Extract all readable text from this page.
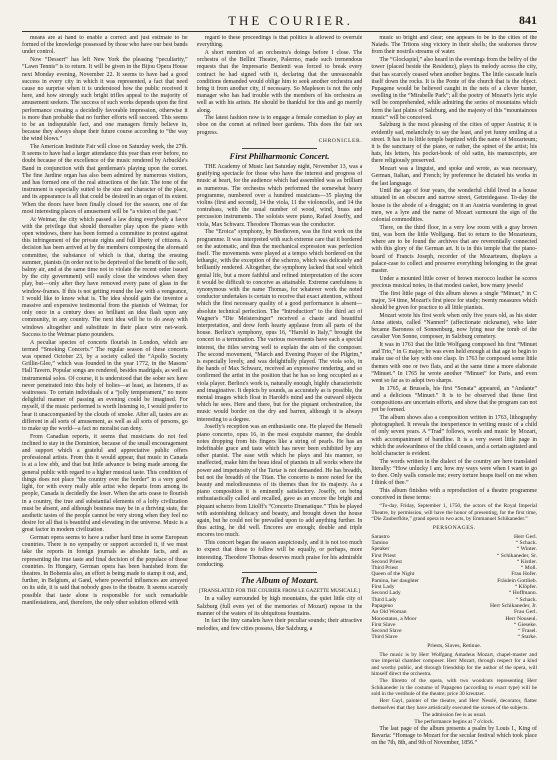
THE COURIER.	841

means are at hand to enable a correct and just estimate to be formed of the knowledge possessed by those who have our best bands under control.

Now “Dessert” has left New York the pleasing “peculiarity,” “Lawn Tennis” is to return. It will be given in the Bijou Opera House next Monday evening, November 22. It seems to have had a good success in every city in which it was represented, a fact that need cause no surprise when it is understood how the public received it here, and how strongly such bright trifles appeal to the majority of amusement seekers. The success of such works depends upon the first performance creating a decidedly favorable impression, otherwise it is more than probable that no further efforts will succeed. This seems to be an indisputable fact, and one managers firmly believe in, because they always shape their future course according to “the way the wind blows.”

The American Institute Fair will close on Saturday week, the 27th. It seems to have had a larger attendance this year than ever before, no doubt because of the excellence of the music rendered by Arbuckle's Band in conjunction with that gentleman's playing upon the cornet. The fine Jardine organ has also been admired by numerous visitors, and has formed one of the real attractions of the fair. The tone of the instrument is especially suited to the size and character of the place, and its appearance is all that could be desired in an organ of its extent. When the doors have been finally closed for the season, one of the most interesting places of amusement will be “a vision of the past.”

At Weimar, the city which passed a law doing everybody a favor with the privilege that should thereafter play upon the piano with open windows, there has been formed a committee to protest against this infringement of the private rights and full liberty of citizens. A decision has been arrived at by the members composing the aforesaid committee, the substance of which is that, during the ensuing summer, pianists (in order not to be deprived of the benefit of the soft, balmy air, and at the same time not to violate the recent order issued by the city government) will easily close the windows when they play, but—only after they have removed every pane of glass in the window-frames. If this is not getting round the law with a vengeance, I would like to know what is. The idea should gain the inventor a massive and expensive testimonial from the pianists of Weimar, for only once in a century does so brilliant an idea flash upon any community, in any country. The next idea will be to do away with windows altogether and substitute in their place wire net-work. Success to the Weimar piano pounders.

A peculiar species of concerts flourish in London, which are termed “Smoking Concerts.” The regular season of these concerts was opened October 23, by a society called the “Apollo Society Grillin-Glee,” which was founded in the year 1772, in the Masons' Hall Tavern. Popular songs are rendered, besides madrigals, as well as instrumental solos. Of course, it is understood that the sober sex have never penetrated into this holy of holies—at least, as listeners, if as waitresses. To certain individuals of a “jolly temperament,” no more delightful manner of passing an evening could be imagined. For myself, if the music performed is worth listening to, I would prefer to hear it unaccompanied by the clouds of smoke. After all, tastes are as different in all sorts of amusement, as well as all sorts of persons, go to make up the world—a fact no moralist can deny.

From Canadian reports, it seems that musicians do not feel inclined to stay in the Dominion, because of the small encouragement and support which a grateful and appreciative public offers professional artists. From this it would appear, that music in Canada is at a low ebb, and that but little advance is being made among the general public with regard to a higher musical taste. This condition of things does not place “the country over the border” in a very good light, for with every really able artist who departs from among its people, Canada is decidedly the loser. When the arts cease to flourish in a country, the true and substantial elements of a lofty civilization must be absent, and although business may be in a thriving state, the aesthetic tastes of the people cannot be very strong when they feel no desire for all that is beautiful and elevating in the universe. Music is a great factor in modern civilization.

German opera seems to have a rather hard time in some European countries. There is no sympathy or support accorded it, if we must take the reports in foreign journals as absolute facts, and as representing the true taste and final decision of the populace of those countries. In Hungary, German opera has been banished from the theatres. In Bohemia also, an effort is being made to stamp it out, and, further, in Belgium, at Gand, where powerful influences are arrayed on its side, it is said that nobody goes to the theatre. It seems scarcely possible that taste alone is responsible for such remarkable manifestations, and, therefore, the only other solution offered with

regard to these proceedings is that politics is allowed to overrule everything.

A short mention of an orchestra's doings before I close. The orchestra of the Bellini Theatre, Palermo, made such tremendous requests that the Impresario Benienti was forced to break every contract he had signed with it, declaring that the unreasonable conditions demanded would oblige him to seek another orchestra and bring it from another city, if necessary. So Mapleson is not the only manager who has had trouble with the members of his orchestra as well as with his artists. He should be thankful for this and go merrily along.

The latest fashion now is to engage a female comedian to play an oboe on the cornet at refined beer gardens. This does the fair sex progress.

CHRONICLER.
First Philharmonic Concert.

THE Academy of Music last Saturday night, November 13, was a gratifying spectacle for those who have the interest and progress of music at heart, for the audience which had assembled was as brilliant as numerous. The orchestra which performed the somewhat heavy programme, numbered over a hundred musicians—35 playing the violins (first and second), 14 the viola, 11 the violoncello, and 14 the contrabass, with the usual number of wood, wind, brass and percussion instruments. The soloists were piano, Rafael Joseffy, and viola, Max Schwarz. Theodore Thomas was the conductor.

The “Eroica” symphony, by Beethoven, was the first work on the programme. It was interpreted with such extreme care that it bordered on the automatic, and thus the mechanical expression was perfection itself. The movements were played at a tempo which bordered on the lethargic, with the exception of the scherzo, which was delicately and brilliantly rendered. Altogether, the symphony lacked that soul which genial life, but a more faithful and refined interpretation of the score it would be difficult to conceive as attainable. Extreme carefulness is synonymous with the name Thomas, for whatever work the noted conductor undertakes is certain to receive that exact attention, without which the first necessary quality of a good performance is absent—absolute technical perfection. The “Introduction” to the third act of Wagner's “Die Meistersinger” received a chaste and beautiful interpretation, and drew forth hearty applause from all parts of the house. Berlioz's symphony, opus 16, “Harold in Italy,” brought the concert to a termination. The various movements have each a special interest, the titles serving well to explain the aim of the composer. The second movement, “March and Evening Prayer of the Pilgrim,” is especially lovely, and was delightfully played. The viola solo, in the hands of Max Schwarz, received an expressive rendering, and so confirmed the artist in the position that he has so long occupied as a viola player. Berlioz's work is, naturally enough, highly characteristic and imaginative. It depicts by sounds, as accurately as is possible, the mental images which float in Harold's mind and the outward objects which he sees. Here and there, but for the piquant orchestration, the music would border on the dry and barren, although it is always interesting to a degree.

Joseffy's reception was an enthusiastic one. He played the Henselt piano concerto, opus 16, in the most exquisite manner, the double notes dropping from his fingers like a string of pearls. He has an indefinable grace and taste which has never been exhibited by any other pianist. The ease with which he plays and his manner, so unaffected, make him the beau ideal of pianists in all works where the power and impetuosity of the Tartar is not demanded. He has breadth, but not the breadth of the Titan. The concerto is more noted for the beauty and melodiousness of its themes than for its majesty. As a piano composition it is eminently satisfactory. Joseffy, on being enthusiastically called and recalled, gave as an encore the bright and piquant scherzo from Litolff's “Concerto Dramatique.” This he played with astonishing delicacy and beauty, and brought down the house again, but he could not be prevailed upon to add anything further. In thus acting, he did well. Encores are enough; double and triple encores too much.

This concert began the season auspiciously, and it is not too much to expect that those to follow will be equally, or perhaps, more interesting. Theodore Thomas deserves much praise for his admirable conducting.

The Album of Mozart.
[TRANSLATED FOR THE COURIER FROM LE GAZETTE MUSICALE.]

In a valley surrounded by high mountains, the quiet little city of Salzburg (full even yet of the memories of Mozart) repose in the manner of the waters of its ubiquitous fountains.

In fact the tiny canalets have their peculiar sounds; their attractive melodies, and few cities possess, like Salzburg, a

music so bright and clear; one appears to be in the cities of the Naiads. The Tritons sing victory in their shells; the seahorses throw from their nostrils streams of water.

The “Glockspiel,” also heard in the evenings from the belfry of the tower (placed beside the Residenz), plays its melody across the city, that has scarcely ceased when another begins. The little cascade hurls itself down the rocks. It is the Ponte of the church that is the object. Pupagene would be believed caught in the nets of a clever hunter, swelling in the “Mirabelle Park”; all the poetry of Mozart's lyric style will be comprehended, while admiring the series of mountains which form the last plains of Salzburg, and the majesty of this “mountainous music” will be conceived.

Salzburg is the most pleasing of the cities of upper Austria; it is evidently sad, melancholy to say the least, and yet funny smiling at a street. It has in its little temple baptized with the name of Mozarteum; it is the sanctuary of the piano, or rather, the spinet of the artist; his hats, his letters, his pocket-book of old satin, his manuscripts, are there religiously preserved.

Mozart was a linguist, and spoke and wrote, as was necessary, German, Italian, and French; by preference he dictated his works in the last language.

Until the age of four years, the wonderful child lived in a house situated in an obscure and narrow street, Getreidegasse. To-day the house is the abode of a druggist; on it an Austria wandering in great men, we a lyre and the name of Mozart surmount the sign of the colonial commodities.

There, on the third floor, in a very low room with a gray brown tint, was born the little Wolfgang. But to return to the Mozarteum, where are to be found the archives that are reverentially connected with this glory of the German art. It is in this temple that the piano-board of Francis Joseph, recorder of the Mozarteum, displays a palace-case to collect and preserve everything belonging to the great master.

Under a mounted little cover of brown morocco leather he scores precious musical notes, in that modest casket, how many jewels!

The first little page of this album shows a single “Minuet,” in C major, 3/4 time, Mozart's first piece for study; twenty measures which should be given for practice to all little pianists.

Mozart wrote his first work when only five years old, as his sister Anna attests, called “Nannerl” (affectionate nickname), who later became Baroness of Sonnenburg, now lying near the tomb of the cavalier Von Sonne, composer, in Salzburg cemetery.

It was in 1761 that the little Wolfgang composed his first “Minuet and Trio,” in G major; he was even held enough at that age to begin to make use of the key with one clasp. In 1763 he composed some little themes with one or two flats, and at the same time a more elaborate “Minuet.” In 1765 he wrote another “Minuet” for Paris, and even went so far as to adopt two sharps.

In 1765, at Brussels, his first “Sonata” appeared, an “Andante” and a delicious “Minuet.” It is to be observed that these first compositions are uncertain efforts, and show that the program can not yet be formed.

The album shows also a composition written in 1763, lithography photographed. It reveals the inexperience in writing music of a child of only seven years. A “Trad” follows, words and music by Mozart, with accompaniment of bandline. It is a very sweet little page in which the awkwardness of the child ceases, and a certain agitated and bold character is evident.

The words written in the dialect of the country are here translated literally: “How unlucky I am; how my ways were when I want to go to thee. Only walls console me; every torture heaps itself on me when I think of thee.”

This album finishes with a reproduction of a theatre programme conceived in these terms:

“To-day, Friday, September 1, 1750, the actors of the Royal Imperial Theatre, by permission, will have the honor of presenting, for the first time, “Die Zauberflöte,” grand opera in two acts, by Emmanuel Schikaneder.”

PERSONAGES.
Sarastro	Herr Gerl.
Tamino	“ Schack.
Speaker	“ Winter.
First Priest	“ Schikaneder, Sr.
Second Priest	“ Kistler.
Third Priest	“ Moll.
Queen of the Night	Frau Hofer.
Pamina, her daughter	Fräulein Gottlieb.
First Lady	“ Klöpfer.
Second Lady	“ Hoffmann.
Third Lady	“ Schack.
Papageno	Herr Schikaneder, Jr.
An Old Woman	Frau Gerl.
Monostatos, a Moor	Herr Nouseul.
First Slave	“ Gieseke.
Second Slave	“ Frasel.
Third Slave	“ Starke.
Priests, Slaves, Retinue.

The music is by Herr Wolfgang Amadeus Mozart, chapel-master and true imperial chamber composer. Herr Mozart, through respect for a kind and worthy public, and through friendship for the author of the opera, will himself direct the orchestra.

The libretto of the opera, with two woodcuts representing Herr Schikaneder in the costume of Papageno (according to exact type) will be sold in the vestibule of the theatre; price 30 kreutzer.

Herr Gayl, painter of the theatre, and Herr Nesslé, decorator, flatter themselves that they have artistically executed the scenes of the subjects.

The admission fee is as usual.

The performance begins at 7 o'clock.

The last page of the album presents a psalm by Louis I., King of Bavaria: “Homage to Mozart for the secular festival which took place on the 7th, 8th, and 9th of November, 1856.”
